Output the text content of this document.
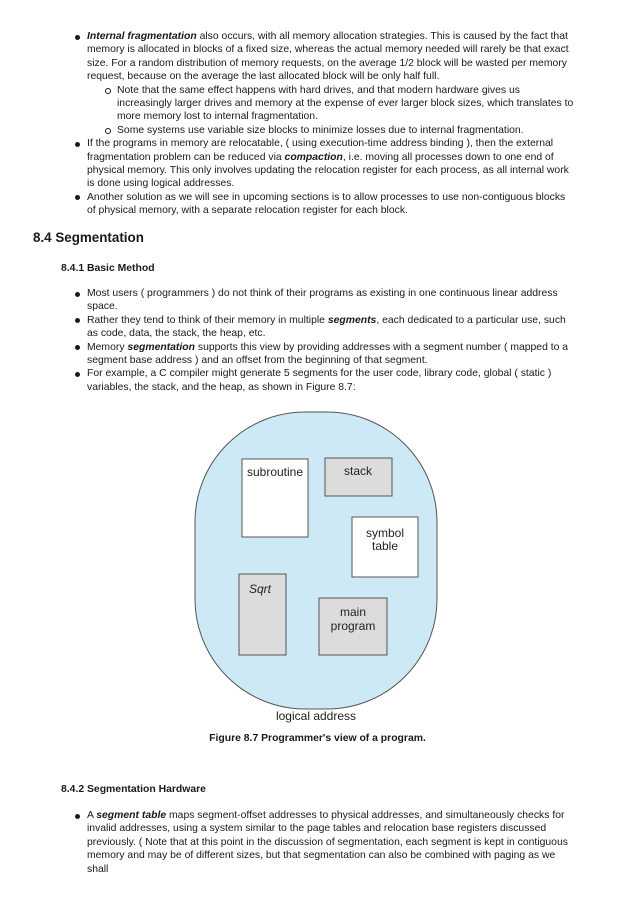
Internal fragmentation also occurs, with all memory allocation strategies. This is caused by the fact that memory is allocated in blocks of a fixed size, whereas the actual memory needed will rarely be that exact size. For a random distribution of memory requests, on the average 1/2 block will be wasted per memory request, because on the average the last allocated block will be only half full.
Note that the same effect happens with hard drives, and that modern hardware gives us increasingly larger drives and memory at the expense of ever larger block sizes, which translates to more memory lost to internal fragmentation.
Some systems use variable size blocks to minimize losses due to internal fragmentation.
If the programs in memory are relocatable, ( using execution-time address binding ), then the external fragmentation problem can be reduced via compaction, i.e. moving all processes down to one end of physical memory. This only involves updating the relocation register for each process, as all internal work is done using logical addresses.
Another solution as we will see in upcoming sections is to allow processes to use non-contiguous blocks of physical memory, with a separate relocation register for each block.
8.4 Segmentation
8.4.1 Basic Method
Most users ( programmers ) do not think of their programs as existing in one continuous linear address space.
Rather they tend to think of their memory in multiple segments, each dedicated to a particular use, such as code, data, the stack, the heap, etc.
Memory segmentation supports this view by providing addresses with a segment number ( mapped to a segment base address ) and an offset from the beginning of that segment.
For example, a C compiler might generate 5 segments for the user code, library code, global ( static ) variables, the stack, and the heap, as shown in Figure 8.7:
subroutine	stack
symbol
table
Sqrt
main
program
logical address
Figure 8.7 Programmer's view of a program.
8.4.2 Segmentation Hardware
A segment table maps segment-offset addresses to physical addresses, and simultaneously checks for invalid addresses, using a system similar to the page tables and relocation base registers discussed previously. ( Note that at this point in the discussion of segmentation, each segment is kept in contiguous memory and may be of different sizes, but that segmentation can also be combined with paging as we shall
